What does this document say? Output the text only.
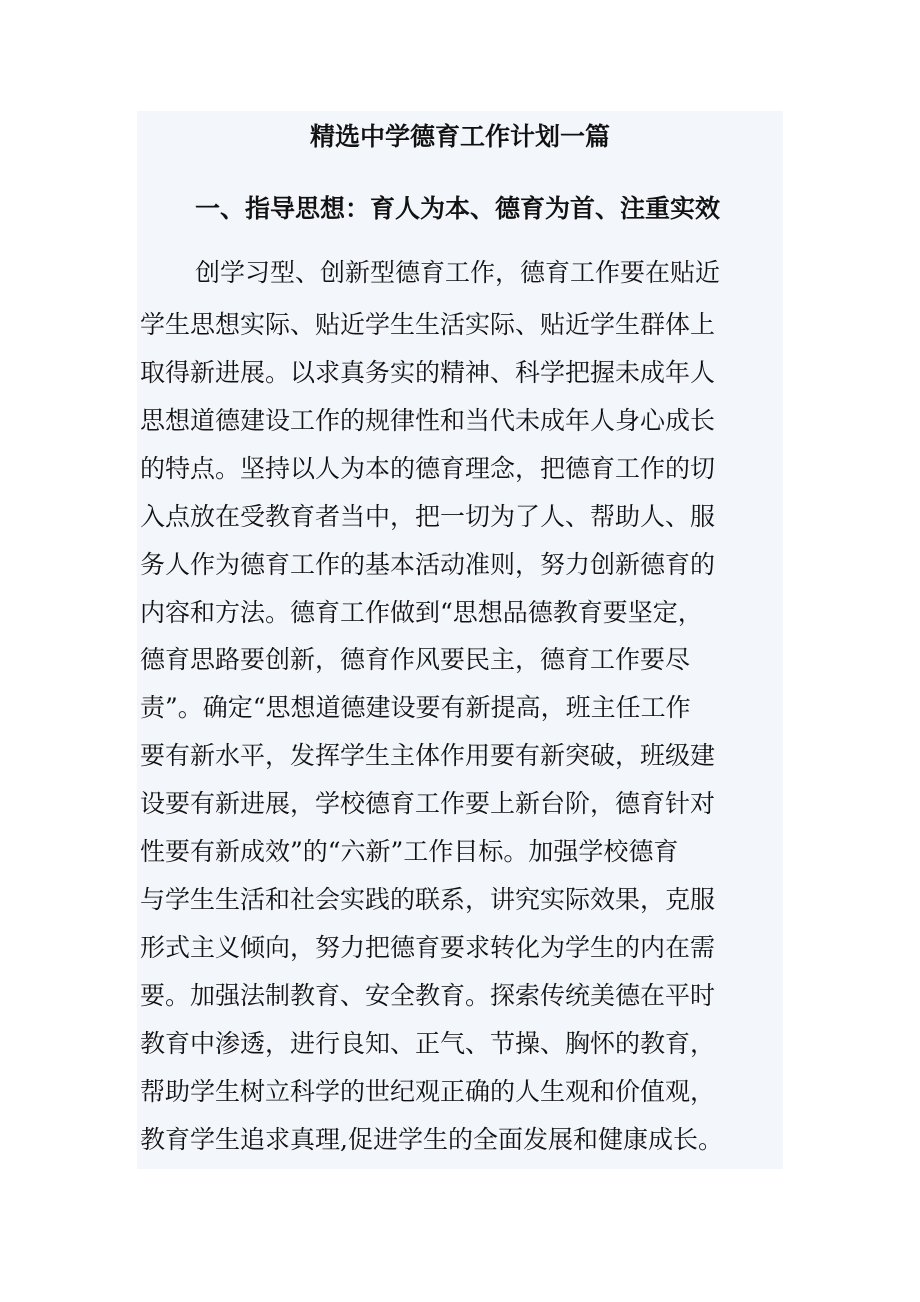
精选中学德育工作计划一篇
一、指导思想：育人为本、德育为首、注重实效

创学习型、创新型德育工作，德育工作要在贴近

学生思想实际、贴近学生生活实际、贴近学生群体上

取得新进展。以求真务实的精神、科学把握未成年人

思想道德建设工作的规律性和当代未成年人身心成长

的特点。坚持以人为本的德育理念，把德育工作的切

入点放在受教育者当中，把一切为了人、帮助人、服

务人作为德育工作的基本活动准则，努力创新德育的

内容和方法。德育工作做到“思想品德教育要坚定，

德育思路要创新，德育作风要民主，德育工作要尽

责”。确定“思想道德建设要有新提高，班主任工作

要有新水平，发挥学生主体作用要有新突破，班级建

设要有新进展，学校德育工作要上新台阶，德育针对

性要有新成效”的“六新”工作目标。加强学校德育

与学生生活和社会实践的联系，讲究实际效果，克服

形式主义倾向，努力把德育要求转化为学生的内在需

要。加强法制教育、安全教育。探索传统美德在平时

教育中渗透，进行良知、正气、节操、胸怀的教育，

帮助学生树立科学的世纪观正确的人生观和价值观，

教育学生追求真理,促进学生的全面发展和健康成长。
